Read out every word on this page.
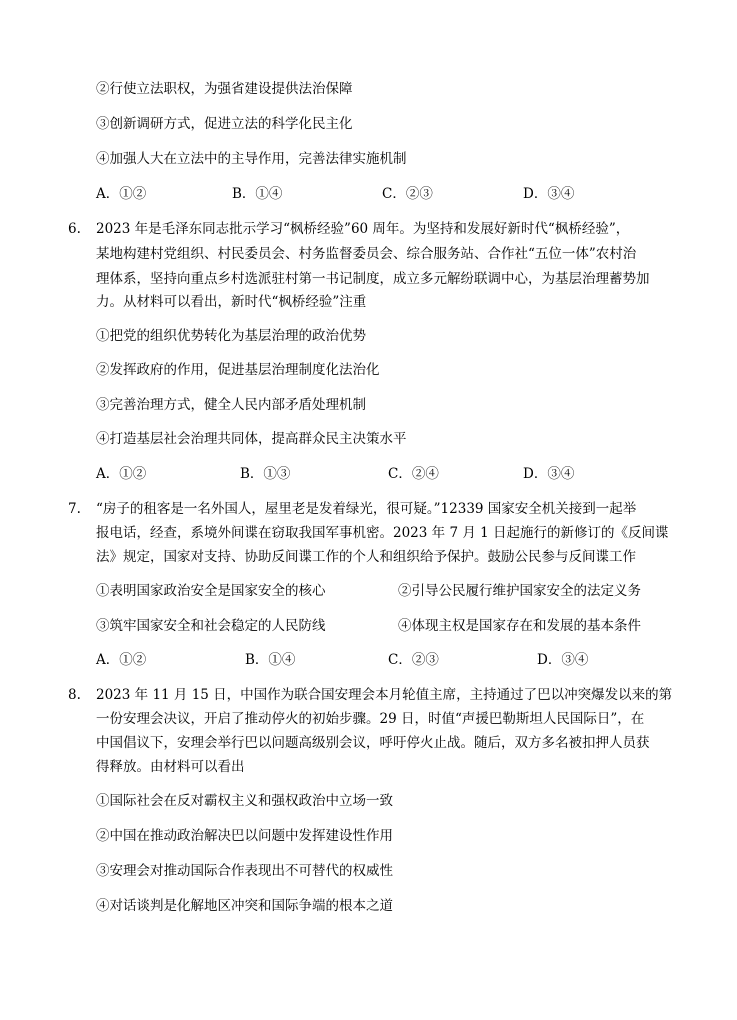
②行使立法职权，为强省建设提供法治保障
③创新调研方式，促进立法的科学化民主化
④加强人大在立法中的主导作用，完善法律实施机制
A．①②	B．①④	C．②③	D．③④
6. 2023 年是毛泽东同志批示学习“枫桥经验”60 周年。为坚持和发展好新时代“枫桥经验”，
某地构建村党组织、村民委员会、村务监督委员会、综合服务站、合作社“五位一体”农村治
理体系，坚持向重点乡村选派驻村第一书记制度，成立多元解纷联调中心，为基层治理蓄势加
力。从材料可以看出，新时代“枫桥经验”注重
①把党的组织优势转化为基层治理的政治优势
②发挥政府的作用，促进基层治理制度化法治化
③完善治理方式，健全人民内部矛盾处理机制
④打造基层社会治理共同体，提高群众民主决策水平
A．①②	B．①③	C．②④	D．③④
7. “房子的租客是一名外国人，屋里老是发着绿光，很可疑。”12339 国家安全机关接到一起举
报电话，经查，系境外间谍在窃取我国军事机密。2023 年 7 月 1 日起施行的新修订的《反间谍
法》规定，国家对支持、协助反间谍工作的个人和组织给予保护。鼓励公民参与反间谍工作
①表明国家政治安全是国家安全的核心	②引导公民履行维护国家安全的法定义务
③筑牢国家安全和社会稳定的人民防线	④体现主权是国家存在和发展的基本条件
A．①②	B．①④	C．②③	D．③④
8. 2023 年 11 月 15 日，中国作为联合国安理会本月轮值主席，主持通过了巴以冲突爆发以来的第
一份安理会决议，开启了推动停火的初始步骤。29 日，时值“声援巴勒斯坦人民国际日”，在
中国倡议下，安理会举行巴以问题高级别会议，呼吁停火止战。随后，双方多名被扣押人员获
得释放。由材料可以看出
①国际社会在反对霸权主义和强权政治中立场一致
②中国在推动政治解决巴以问题中发挥建设性作用
③安理会对推动国际合作表现出不可替代的权威性
④对话谈判是化解地区冲突和国际争端的根本之道
